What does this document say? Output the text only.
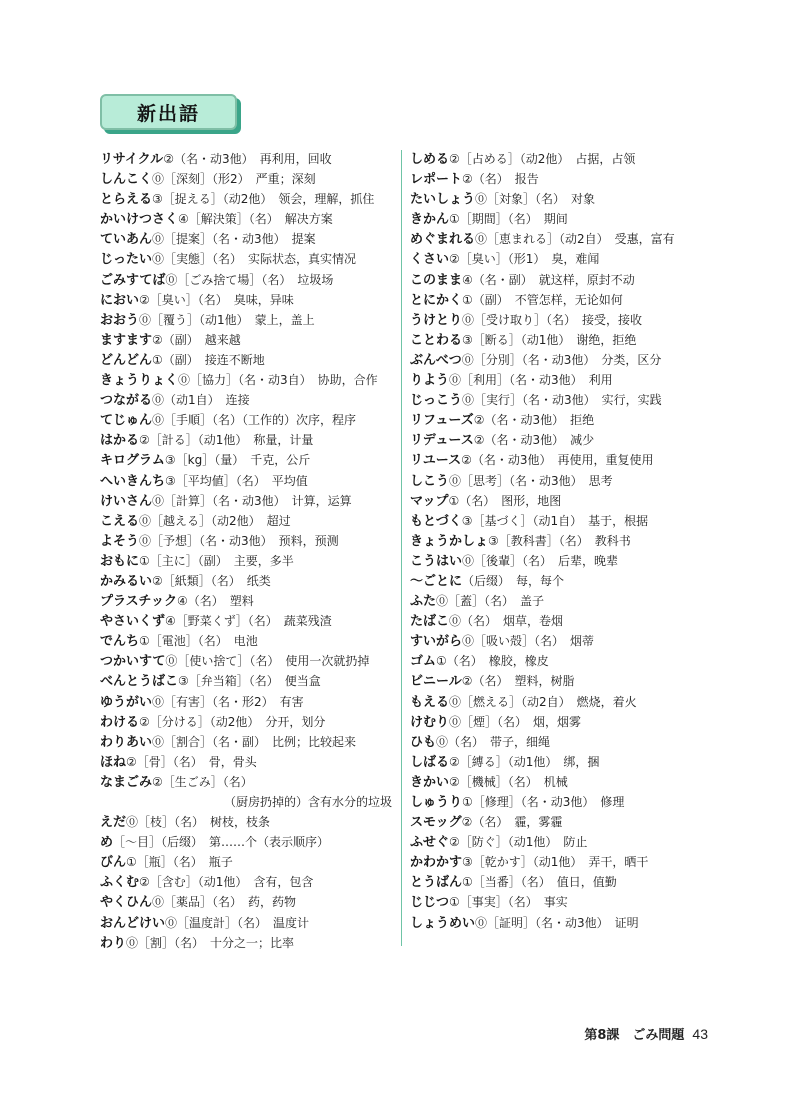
新出語
リサイクル②（名・动3他）　再利用，回收
しんこく⓪［深刻］（形2）　严重；深刻
とらえる③［捉える］（动2他）　领会，理解，抓住
かいけつさく④［解決策］（名）　解决方案
ていあん⓪［提案］（名・动3他）　提案
じったい⓪［実態］（名）　实际状态，真实情况
ごみすてば⓪［ごみ捨て場］（名）　垃圾场
におい②［臭い］（名）　臭味，异味
おおう⓪［覆う］（动1他）　蒙上，盖上
ますます②（副）　越来越
どんどん①（副）　接连不断地
きょうりょく⓪［協力］（名・动3自）　协助，合作
つながる⓪（动1自）　连接
てじゅん⓪［手順］（名）（工作的）次序，程序
はかる②［計る］（动1他）　称量，计量
キログラム③［kg］（量）　千克，公斤
へいきんち③［平均値］（名）　平均值
けいさん⓪［計算］（名・动3他）　计算，运算
こえる⓪［越える］（动2他）　超过
よそう⓪［予想］（名・动3他）　预料，预测
おもに①［主に］（副）　主要，多半
かみるい②［紙類］（名）　纸类
プラスチック④（名）　塑料
やさいくず④［野菜くず］（名）　蔬菜残渣
でんち①［電池］（名）　电池
つかいすて⓪［使い捨て］（名）　使用一次就扔掉
べんとうばこ③［弁当箱］（名）　便当盒
ゆうがい⓪［有害］（名・形2）　有害
わける②［分ける］（动2他）　分开，划分
わりあい⓪［割合］（名・副）　比例；比较起来
ほね②［骨］（名）　骨，骨头
なまごみ②［生ごみ］（名）
（厨房扔掉的）含有水分的垃圾
えだ⓪［枝］（名）　树枝，枝条
め［～目］（后缀）　第……个（表示顺序）
びん①［瓶］（名）　瓶子
ふくむ②［含む］（动1他）　含有，包含
やくひん⓪［薬品］（名）　药，药物
おんどけい⓪［温度計］（名）　温度计
わり⓪［割］（名）　十分之一；比率
しめる②［占める］（动2他）　占据，占领
レポート②（名）　报告
たいしょう⓪［対象］（名）　对象
きかん①［期間］（名）　期间
めぐまれる⓪［恵まれる］（动2自）　受惠，富有
くさい②［臭い］（形1）　臭，难闻
このまま④（名・副）　就这样，原封不动
とにかく①（副）　不管怎样，无论如何
うけとり⓪［受け取り］（名）　接受，接收
ことわる③［断る］（动1他）　谢绝，拒绝
ぶんべつ⓪［分別］（名・动3他）　分类，区分
りよう⓪［利用］（名・动3他）　利用
じっこう⓪［実行］（名・动3他）　实行，实践
リフューズ②（名・动3他）　拒绝
リデュース②（名・动3他）　减少
リユース②（名・动3他）　再使用，重复使用
しこう⓪［思考］（名・动3他）　思考
マップ①（名）　图形，地图
もとづく③［基づく］（动1自）　基于，根据
きょうかしょ③［教科書］（名）　教科书
こうはい⓪［後輩］（名）　后辈，晚辈
～ごとに（后缀）　每，每个
ふた⓪［蓋］（名）　盖子
たばこ⓪（名）　烟草，卷烟
すいがら⓪［吸い殻］（名）　烟蒂
ゴム①（名）　橡胶，橡皮
ビニール②（名）　塑料，树脂
もえる⓪［燃える］（动2自）　燃烧，着火
けむり⓪［煙］（名）　烟，烟雾
ひも⓪（名）　带子，细绳
しばる②［縛る］（动1他）　绑，捆
きかい②［機械］（名）　机械
しゅうり①［修理］（名・动3他）　修理
スモッグ②（名）　霾，雾霾
ふせぐ②［防ぐ］（动1他）　防止
かわかす③［乾かす］（动1他）　弄干，晒干
とうばん①［当番］（名）　值日，值勤
じじつ①［事実］（名）　事实
しょうめい⓪［証明］（名・动3他）　证明
第8課　ごみ問題 43
